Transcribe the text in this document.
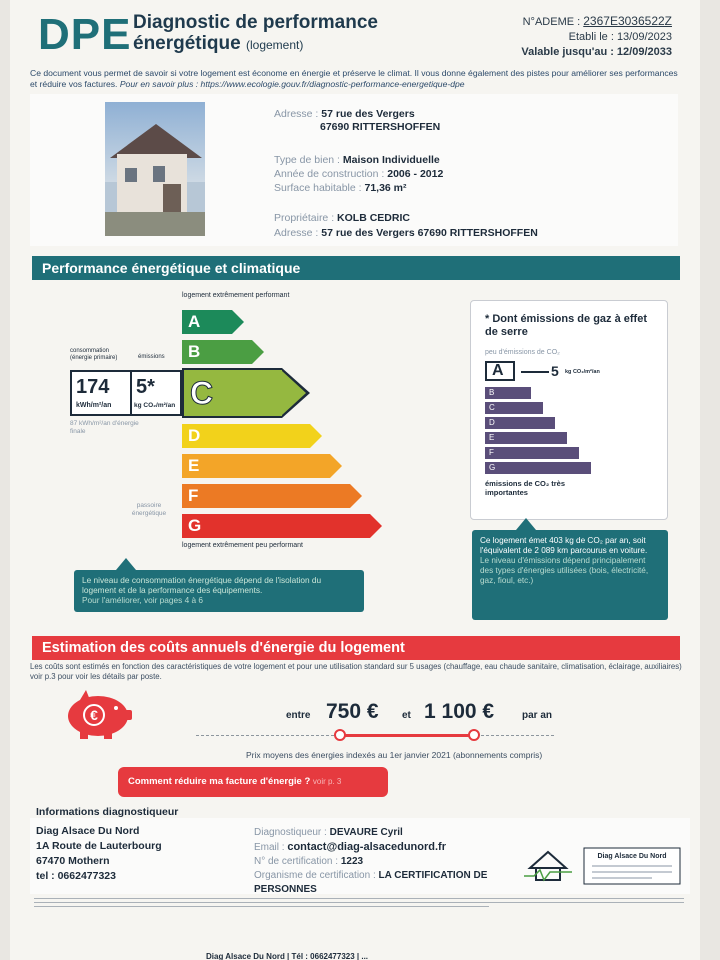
DPE Diagnostic de performance
énergétique (logement)
N°ADEME : 2367E3036522Z
Etabli le : 13/09/2023
Valable jusqu'au : 12/09/2033
Ce document vous permet de savoir si votre logement est économe en énergie et préserve le climat. Il vous donne également des pistes pour améliorer ses performances et réduire vos factures. Pour en savoir plus : https://www.ecologie.gouv.fr/diagnostic-performance-energetique-dpe
Adresse : 57 rue des Vergers
67690 RITTERSHOFFEN
Type de bien : Maison Individuelle
Année de construction : 2006 - 2012
Surface habitable : 71,36 m²
Propriétaire : KOLB CEDRIC
Adresse : 57 rue des Vergers 67690 RITTERSHOFFEN
Performance énergétique et climatique
logement extrêmement performant
A
B
consommation (énergie primaire)	émissions
174
kWh/m²/an
5*
kg CO₂/m²/an C
87 kWh/m²/an d'énergie finale	D
E
F
passoire énergétique
G
logement extrêmement peu performant
Le niveau de consommation énergétique dépend de l'isolation du logement et de la performance des équipements.
Pour l'améliorer, voir pages 4 à 6
* Dont émissions de gaz à effet de serre
peu d'émissions de CO₂
A	5 kg CO₂/m²/an
B
C
D
E
F
G
émissions de CO₂ très importantes
Ce logement émet 403 kg de CO₂ par an, soit l'équivalent de 2 089 km parcourus en voiture.
Le niveau d'émissions dépend principalement des types d'énergies utilisées (bois, électricité, gaz, fioul, etc.)
Estimation des coûts annuels d'énergie du logement
Les coûts sont estimés en fonction des caractéristiques de votre logement et pour une utilisation standard sur 5 usages (chauffage, eau chaude sanitaire, climatisation, éclairage, auxiliaires) voir p.3 pour voir les détails par poste.
€	entre 750 € et 1 100 €	par an
Prix moyens des énergies indexés au 1er janvier 2021 (abonnements compris)
Comment réduire ma facture d'énergie ? voir p. 3
Informations diagnostiqueur
Diag Alsace Du Nord
1A Route de Lauterbourg
67470 Mothern
tel : 0662477323
Diagnostiqueur : DEVAURE Cyril
Email : contact@diag-alsacedunord.fr
N° de certification : 1223
Organisme de certification : LA CERTIFICATION DE PERSONNES
Diag Alsace Du Nord
Diag Alsace Du Nord | Tél : 0662477323 | ...
